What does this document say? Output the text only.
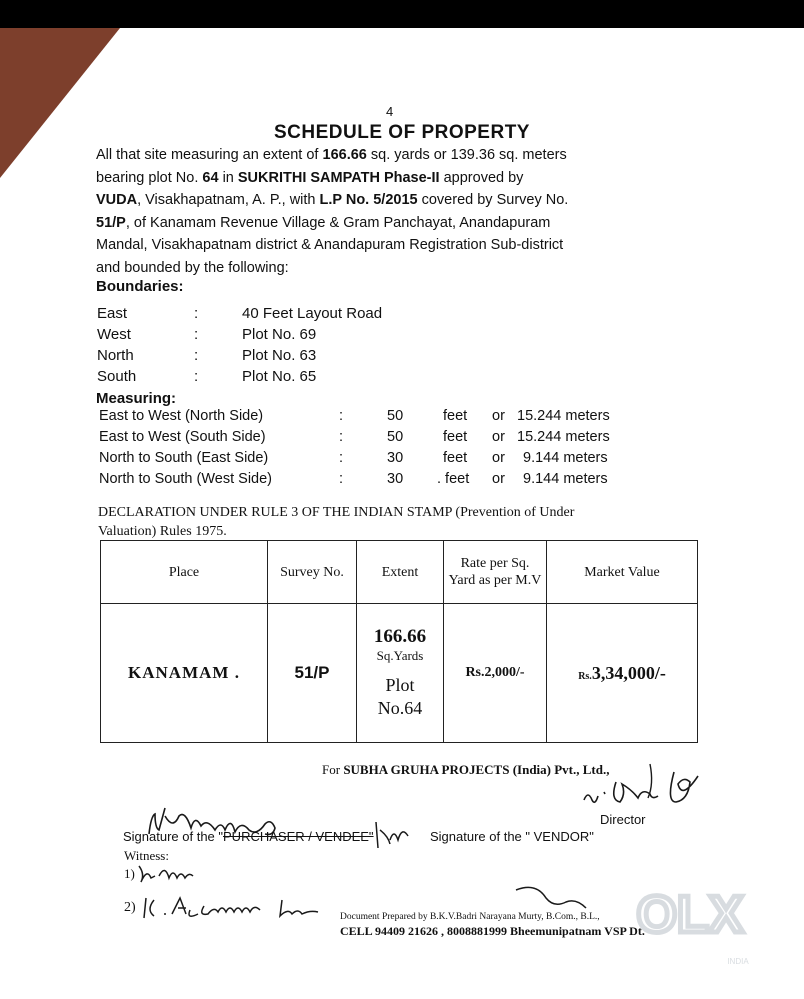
4
SCHEDULE OF PROPERTY
All that site measuring an extent of 166.66 sq. yards or 139.36 sq. meters
bearing plot No. 64 in SUKRITHI SAMPATH Phase-II approved by
VUDA, Visakhapatnam, A. P., with L.P No. 5/2015 covered by Survey No.
51/P, of Kanamam Revenue Village & Gram Panchayat, Anandapuram
Mandal, Visakhapatnam district & Anandapuram Registration Sub-district
and bounded by the following:
Boundaries:
East	:	40 Feet Layout Road
West	:	Plot No. 69
North	:	Plot No. 63
South	:	Plot No. 65
Measuring:
East to West (North Side)	:	50	feet or 15.244 meters
East to West (South Side)	:	50	feet or 15.244 meters
North to South (East Side)	:	30	feet or 9.144 meters
North to South (West Side)	:	30 . feet or 9.144 meters
DECLARATION UNDER RULE 3 OF THE INDIAN STAMP (Prevention of Under
Valuation) Rules 1975.
Place	Survey No.	Extent	Rate per Sq. Yard as per M.V	Market Value
KANAMAM .	51/P	166.66
Sq.Yards
Plot
No.64	Rs.2,000/-	Rs.3,34,000/-
For SUBHA GRUHA PROJECTS (India) Pvt., Ltd.,
Director
Signature of the "PURCHASER / VENDEE"	Signature of the " VENDOR"
Witness:
1)
2)
Document Prepared by B.K.V.Badri Narayana Murty, B.Com., B.L.,
CELL 94409 21626 , 8008881999 Bheemunipatnam VSP Dt.
OLX
INDIA
